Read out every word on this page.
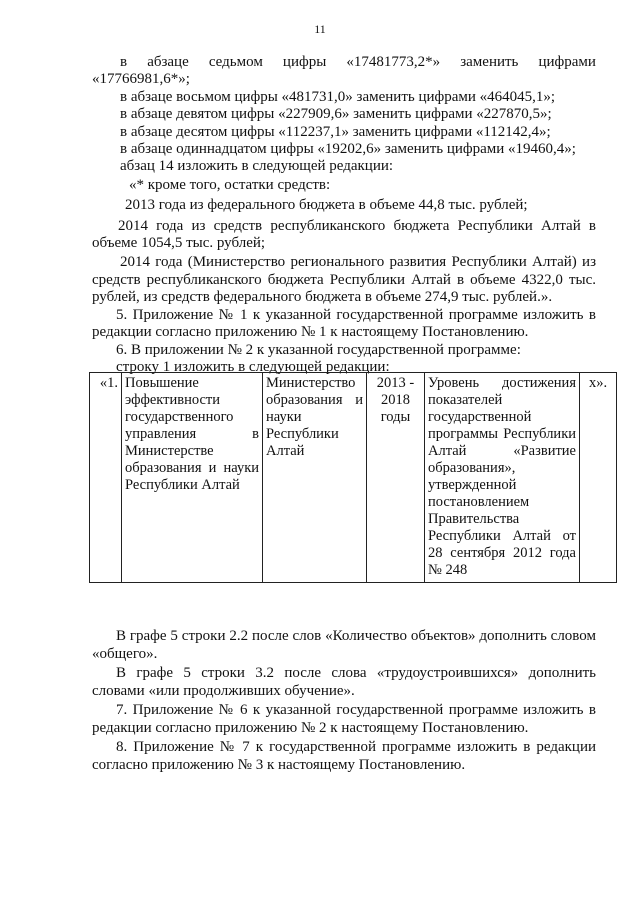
11
в абзаце седьмом цифры «17481773,2*» заменить цифрами

«17766981,6*»;

в абзаце восьмом цифры «481731,0» заменить цифрами «464045,1»;

в абзаце девятом цифры «227909,6» заменить цифрами «227870,5»;

в абзаце десятом цифры «112237,1» заменить цифрами «112142,4»;

в абзаце одиннадцатом цифры «19202,6» заменить цифрами «19460,4»;

абзац 14 изложить в следующей редакции:

«* кроме того, остатки средств:

2013 года из федерального бюджета в объеме 44,8 тыс. рублей;

2014 года из средств республиканского бюджета Республики Алтай в объеме 1054,5 тыс. рублей;

2014 года (Министерство регионального развития Республики Алтай) из средств республиканского бюджета Республики Алтай в объеме 4322,0 тыс. рублей, из средств федерального бюджета в объеме 274,9 тыс. рублей.».

5. Приложение № 1 к указанной государственной программе изложить в редакции согласно приложению № 1 к настоящему Постановлению.

6. В приложении № 2 к указанной государственной программе:

строку 1 изложить в следующей редакции:

«1.	Повышение эффективности государственного управления в Министерстве образования и науки Республики Алтай	Министерство образования и науки Республики Алтай	2013 - 2018 годы	Уровень достижения показателей государственной программы Республики Алтай «Развитие образования», утвержденной постановлением Правительства Республики Алтай от 28 сентября 2012 года № 248	х».

В графе 5 строки 2.2 после слов «Количество объектов» дополнить словом «общего».

В графе 5 строки 3.2 после слова «трудоустроившихся» дополнить словами «или продолживших обучение».

7. Приложение № 6 к указанной государственной программе изложить в редакции согласно приложению № 2 к настоящему Постановлению.

8. Приложение № 7 к государственной программе изложить в редакции согласно приложению № 3 к настоящему Постановлению.
